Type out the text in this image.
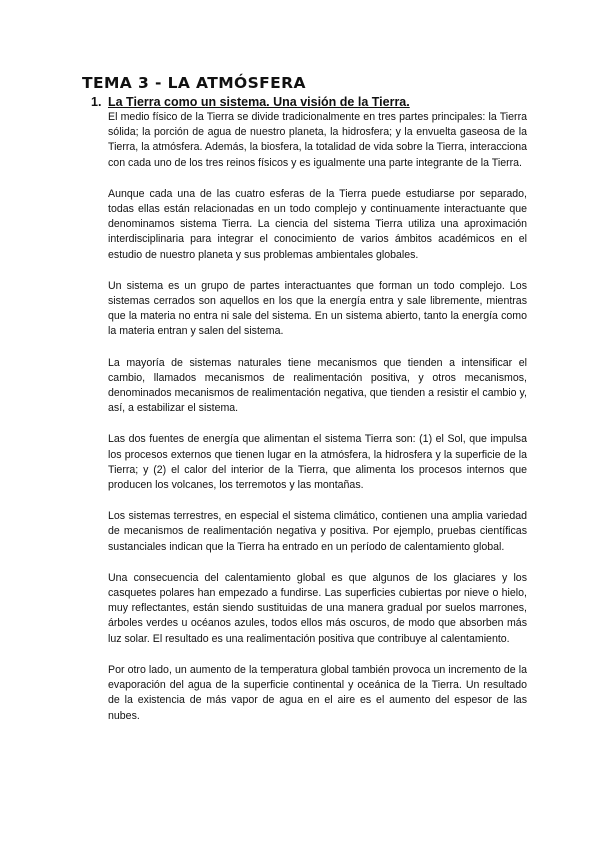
TEMA 3 - LA ATMÓSFERA
1. La Tierra como un sistema. Una visión de la Tierra.

El medio físico de la Tierra se divide tradicionalmente en tres partes principales: la Tierra sólida; la porción de agua de nuestro planeta, la hidrosfera; y la envuelta gaseosa de la Tierra, la atmósfera. Además, la biosfera, la totalidad de vida sobre la Tierra, interacciona con cada uno de los tres reinos físicos y es igualmente una parte integrante de la Tierra.

Aunque cada una de las cuatro esferas de la Tierra puede estudiarse por separado, todas ellas están relacionadas en un todo complejo y continuamente interactuante que denominamos sistema Tierra. La ciencia del sistema Tierra utiliza una aproximación interdisciplinaria para integrar el conocimiento de varios ámbitos académicos en el estudio de nuestro planeta y sus problemas ambientales globales.

Un sistema es un grupo de partes interactuantes que forman un todo complejo. Los sistemas cerrados son aquellos en los que la energía entra y sale libremente, mientras que la materia no entra ni sale del sistema. En un sistema abierto, tanto la energía como la materia entran y salen del sistema.

La mayoría de sistemas naturales tiene mecanismos que tienden a intensificar el cambio, llamados mecanismos de realimentación positiva, y otros mecanismos, denominados mecanismos de realimentación negativa, que tienden a resistir el cambio y, así, a estabilizar el sistema.

Las dos fuentes de energía que alimentan el sistema Tierra son: (1) el Sol, que impulsa los procesos externos que tienen lugar en la atmósfera, la hidrosfera y la superficie de la Tierra; y (2) el calor del interior de la Tierra, que alimenta los procesos internos que producen los volcanes, los terremotos y las montañas.

Los sistemas terrestres, en especial el sistema climático, contienen una amplia variedad de mecanismos de realimentación negativa y positiva. Por ejemplo, pruebas científicas sustanciales indican que la Tierra ha entrado en un período de calentamiento global.

Una consecuencia del calentamiento global es que algunos de los glaciares y los casquetes polares han empezado a fundirse. Las superficies cubiertas por nieve o hielo, muy reflectantes, están siendo sustituidas de una manera gradual por suelos marrones, árboles verdes u océanos azules, todos ellos más oscuros, de modo que absorben más luz solar. El resultado es una realimentación positiva que contribuye al calentamiento.

Por otro lado, un aumento de la temperatura global también provoca un incremento de la evaporación del agua de la superficie continental y oceánica de la Tierra. Un resultado de la existencia de más vapor de agua en el aire es el aumento del espesor de las nubes.
